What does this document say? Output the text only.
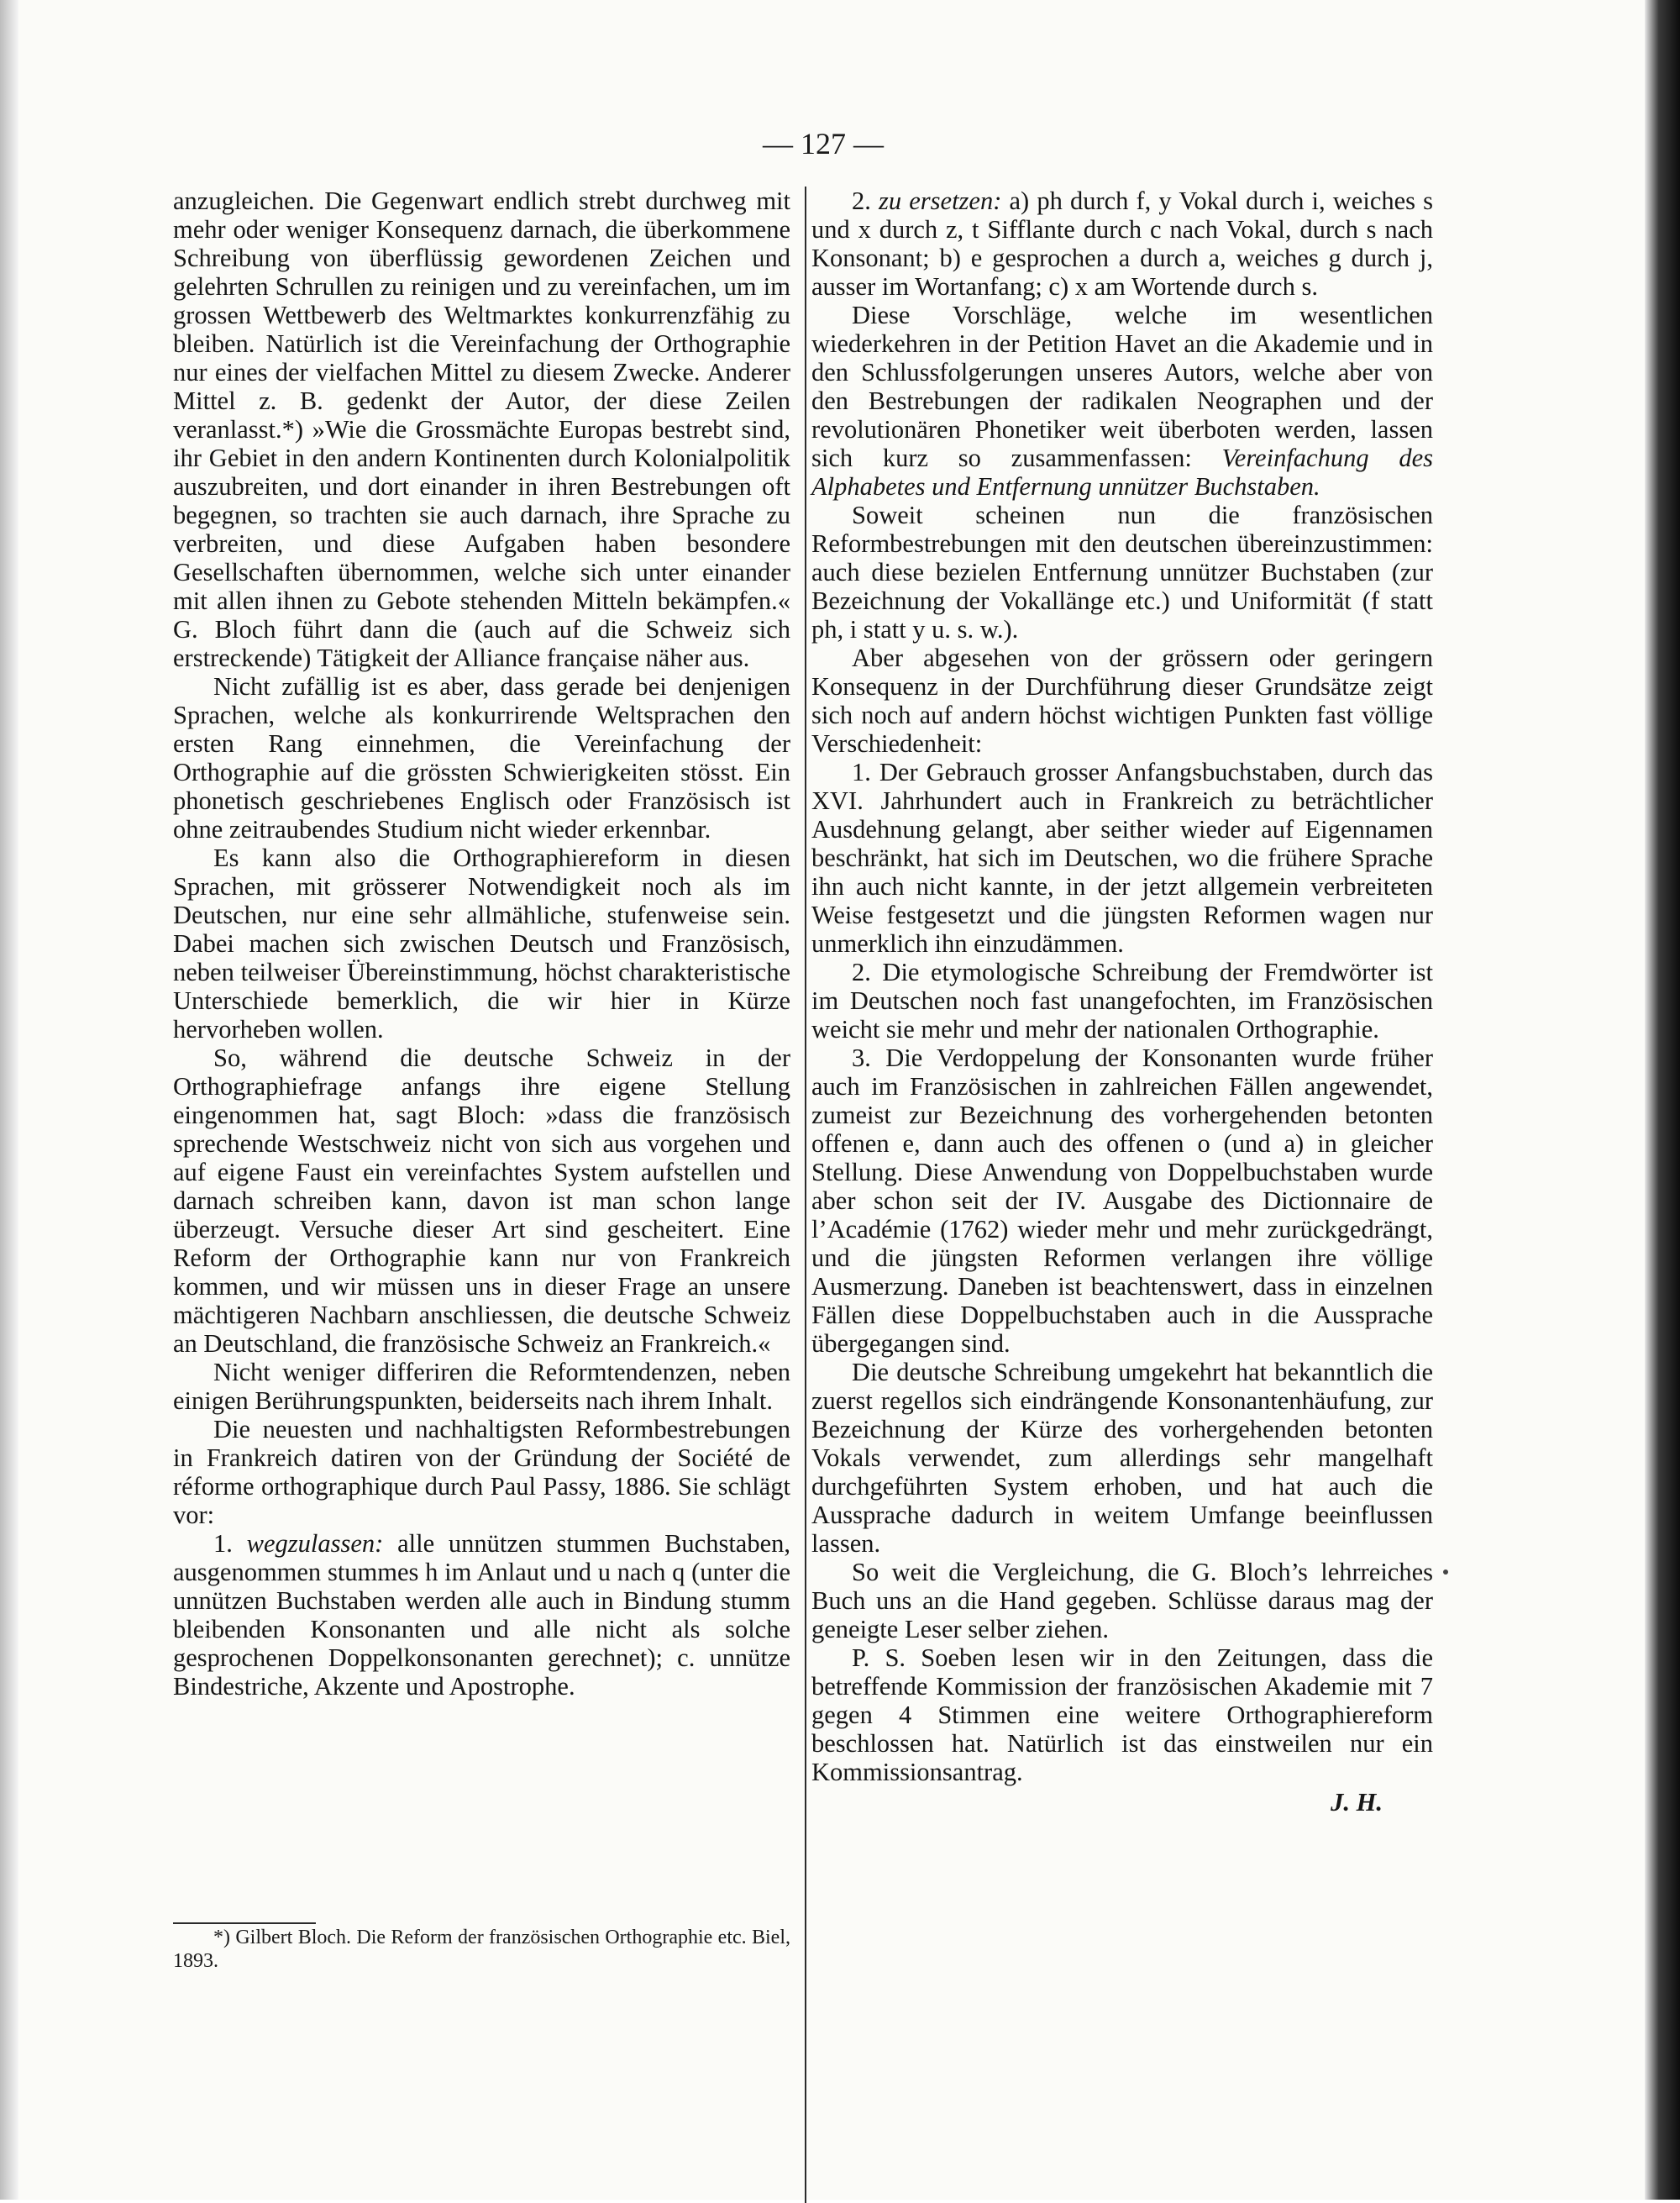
— 127 —

anzugleichen. Die Gegenwart endlich strebt durchweg mit mehr oder weniger Konsequenz darnach, die überkommene Schreibung von überflüssig gewordenen Zeichen und gelehrten Schrullen zu reinigen und zu vereinfachen, um im grossen Wettbewerb des Weltmarktes konkurrenzfähig zu bleiben. Natürlich ist die Vereinfachung der Orthographie nur eines der vielfachen Mittel zu diesem Zwecke. Anderer Mittel z. B. gedenkt der Autor, der diese Zeilen veranlasst.*) »Wie die Grossmächte Europas bestrebt sind, ihr Gebiet in den andern Kontinenten durch Kolonialpolitik auszubreiten, und dort einander in ihren Bestrebungen oft begegnen, so trachten sie auch darnach, ihre Sprache zu verbreiten, und diese Aufgaben haben besondere Gesellschaften übernommen, welche sich unter einander mit allen ihnen zu Gebote stehenden Mitteln bekämpfen.« G. Bloch führt dann die (auch auf die Schweiz sich erstreckende) Tätigkeit der Alliance française näher aus.

Nicht zufällig ist es aber, dass gerade bei denjenigen Sprachen, welche als konkurrirende Weltsprachen den ersten Rang einnehmen, die Vereinfachung der Orthographie auf die grössten Schwierigkeiten stösst. Ein phonetisch geschriebenes Englisch oder Französisch ist ohne zeitraubendes Studium nicht wieder erkennbar.

Es kann also die Orthographiereform in diesen Sprachen, mit grösserer Notwendigkeit noch als im Deutschen, nur eine sehr allmähliche, stufenweise sein. Dabei machen sich zwischen Deutsch und Französisch, neben teilweiser Übereinstimmung, höchst charakteristische Unterschiede bemerklich, die wir hier in Kürze hervorheben wollen.

So, während die deutsche Schweiz in der Orthographiefrage anfangs ihre eigene Stellung eingenommen hat, sagt Bloch: »dass die französisch sprechende Westschweiz nicht von sich aus vorgehen und auf eigene Faust ein vereinfachtes System aufstellen und darnach schreiben kann, davon ist man schon lange überzeugt. Versuche dieser Art sind gescheitert. Eine Reform der Orthographie kann nur von Frankreich kommen, und wir müssen uns in dieser Frage an unsere mächtigeren Nachbarn anschliessen, die deutsche Schweiz an Deutschland, die französische Schweiz an Frankreich.«

Nicht weniger differiren die Reformtendenzen, neben einigen Berührungspunkten, beiderseits nach ihrem Inhalt.

Die neuesten und nachhaltigsten Reformbestrebungen in Frankreich datiren von der Gründung der Société de réforme orthographique durch Paul Passy, 1886. Sie schlägt vor:

1. wegzulassen: alle unnützen stummen Buchstaben, ausgenommen stummes h im Anlaut und u nach q (unter die unnützen Buchstaben werden alle auch in Bindung stumm bleibenden Konsonanten und alle nicht als solche gesprochenen Doppelkonsonanten gerechnet); c. unnütze Bindestriche, Akzente und Apostrophe.

*) Gilbert Bloch. Die Reform der französischen Orthographie etc. Biel, 1893.

2. zu ersetzen: a) ph durch f, y Vokal durch i, weiches s und x durch z, t Sifflante durch c nach Vokal, durch s nach Konsonant; b) e gesprochen a durch a, weiches g durch j, ausser im Wortanfang; c) x am Wortende durch s.

Diese Vorschläge, welche im wesentlichen wiederkehren in der Petition Havet an die Akademie und in den Schlussfolgerungen unseres Autors, welche aber von den Bestrebungen der radikalen Neographen und der revolutionären Phonetiker weit überboten werden, lassen sich kurz so zusammenfassen: Vereinfachung des Alphabetes und Entfernung unnützer Buchstaben.

Soweit scheinen nun die französischen Reformbestrebungen mit den deutschen übereinzustimmen: auch diese bezielen Entfernung unnützer Buchstaben (zur Bezeichnung der Vokallänge etc.) und Uniformität (f statt ph, i statt y u. s. w.).

Aber abgesehen von der grössern oder geringern Konsequenz in der Durchführung dieser Grundsätze zeigt sich noch auf andern höchst wichtigen Punkten fast völlige Verschiedenheit:

1. Der Gebrauch grosser Anfangsbuchstaben, durch das XVI. Jahrhundert auch in Frankreich zu beträchtlicher Ausdehnung gelangt, aber seither wieder auf Eigennamen beschränkt, hat sich im Deutschen, wo die frühere Sprache ihn auch nicht kannte, in der jetzt allgemein verbreiteten Weise festgesetzt und die jüngsten Reformen wagen nur unmerklich ihn einzudämmen.

2. Die etymologische Schreibung der Fremdwörter ist im Deutschen noch fast unangefochten, im Französischen weicht sie mehr und mehr der nationalen Orthographie.

3. Die Verdoppelung der Konsonanten wurde früher auch im Französischen in zahlreichen Fällen angewendet, zumeist zur Bezeichnung des vorhergehenden betonten offenen e, dann auch des offenen o (und a) in gleicher Stellung. Diese Anwendung von Doppelbuchstaben wurde aber schon seit der IV. Ausgabe des Dictionnaire de l’Académie (1762) wieder mehr und mehr zurückgedrängt, und die jüngsten Reformen verlangen ihre völlige Ausmerzung. Daneben ist beachtenswert, dass in einzelnen Fällen diese Doppelbuchstaben auch in die Aussprache übergegangen sind.

Die deutsche Schreibung umgekehrt hat bekanntlich die zuerst regellos sich eindrängende Konsonantenhäufung, zur Bezeichnung der Kürze des vorhergehenden betonten Vokals verwendet, zum allerdings sehr mangelhaft durchgeführten System erhoben, und hat auch die Aussprache dadurch in weitem Umfange beeinflussen lassen.

So weit die Vergleichung, die G. Bloch’s lehrreiches Buch uns an die Hand gegeben. Schlüsse daraus mag der geneigte Leser selber ziehen.

P. S. Soeben lesen wir in den Zeitungen, dass die betreffende Kommission der französischen Akademie mit 7 gegen 4 Stimmen eine weitere Orthographiereform beschlossen hat. Natürlich ist das einstweilen nur ein Kommissionsantrag.

J. H.
